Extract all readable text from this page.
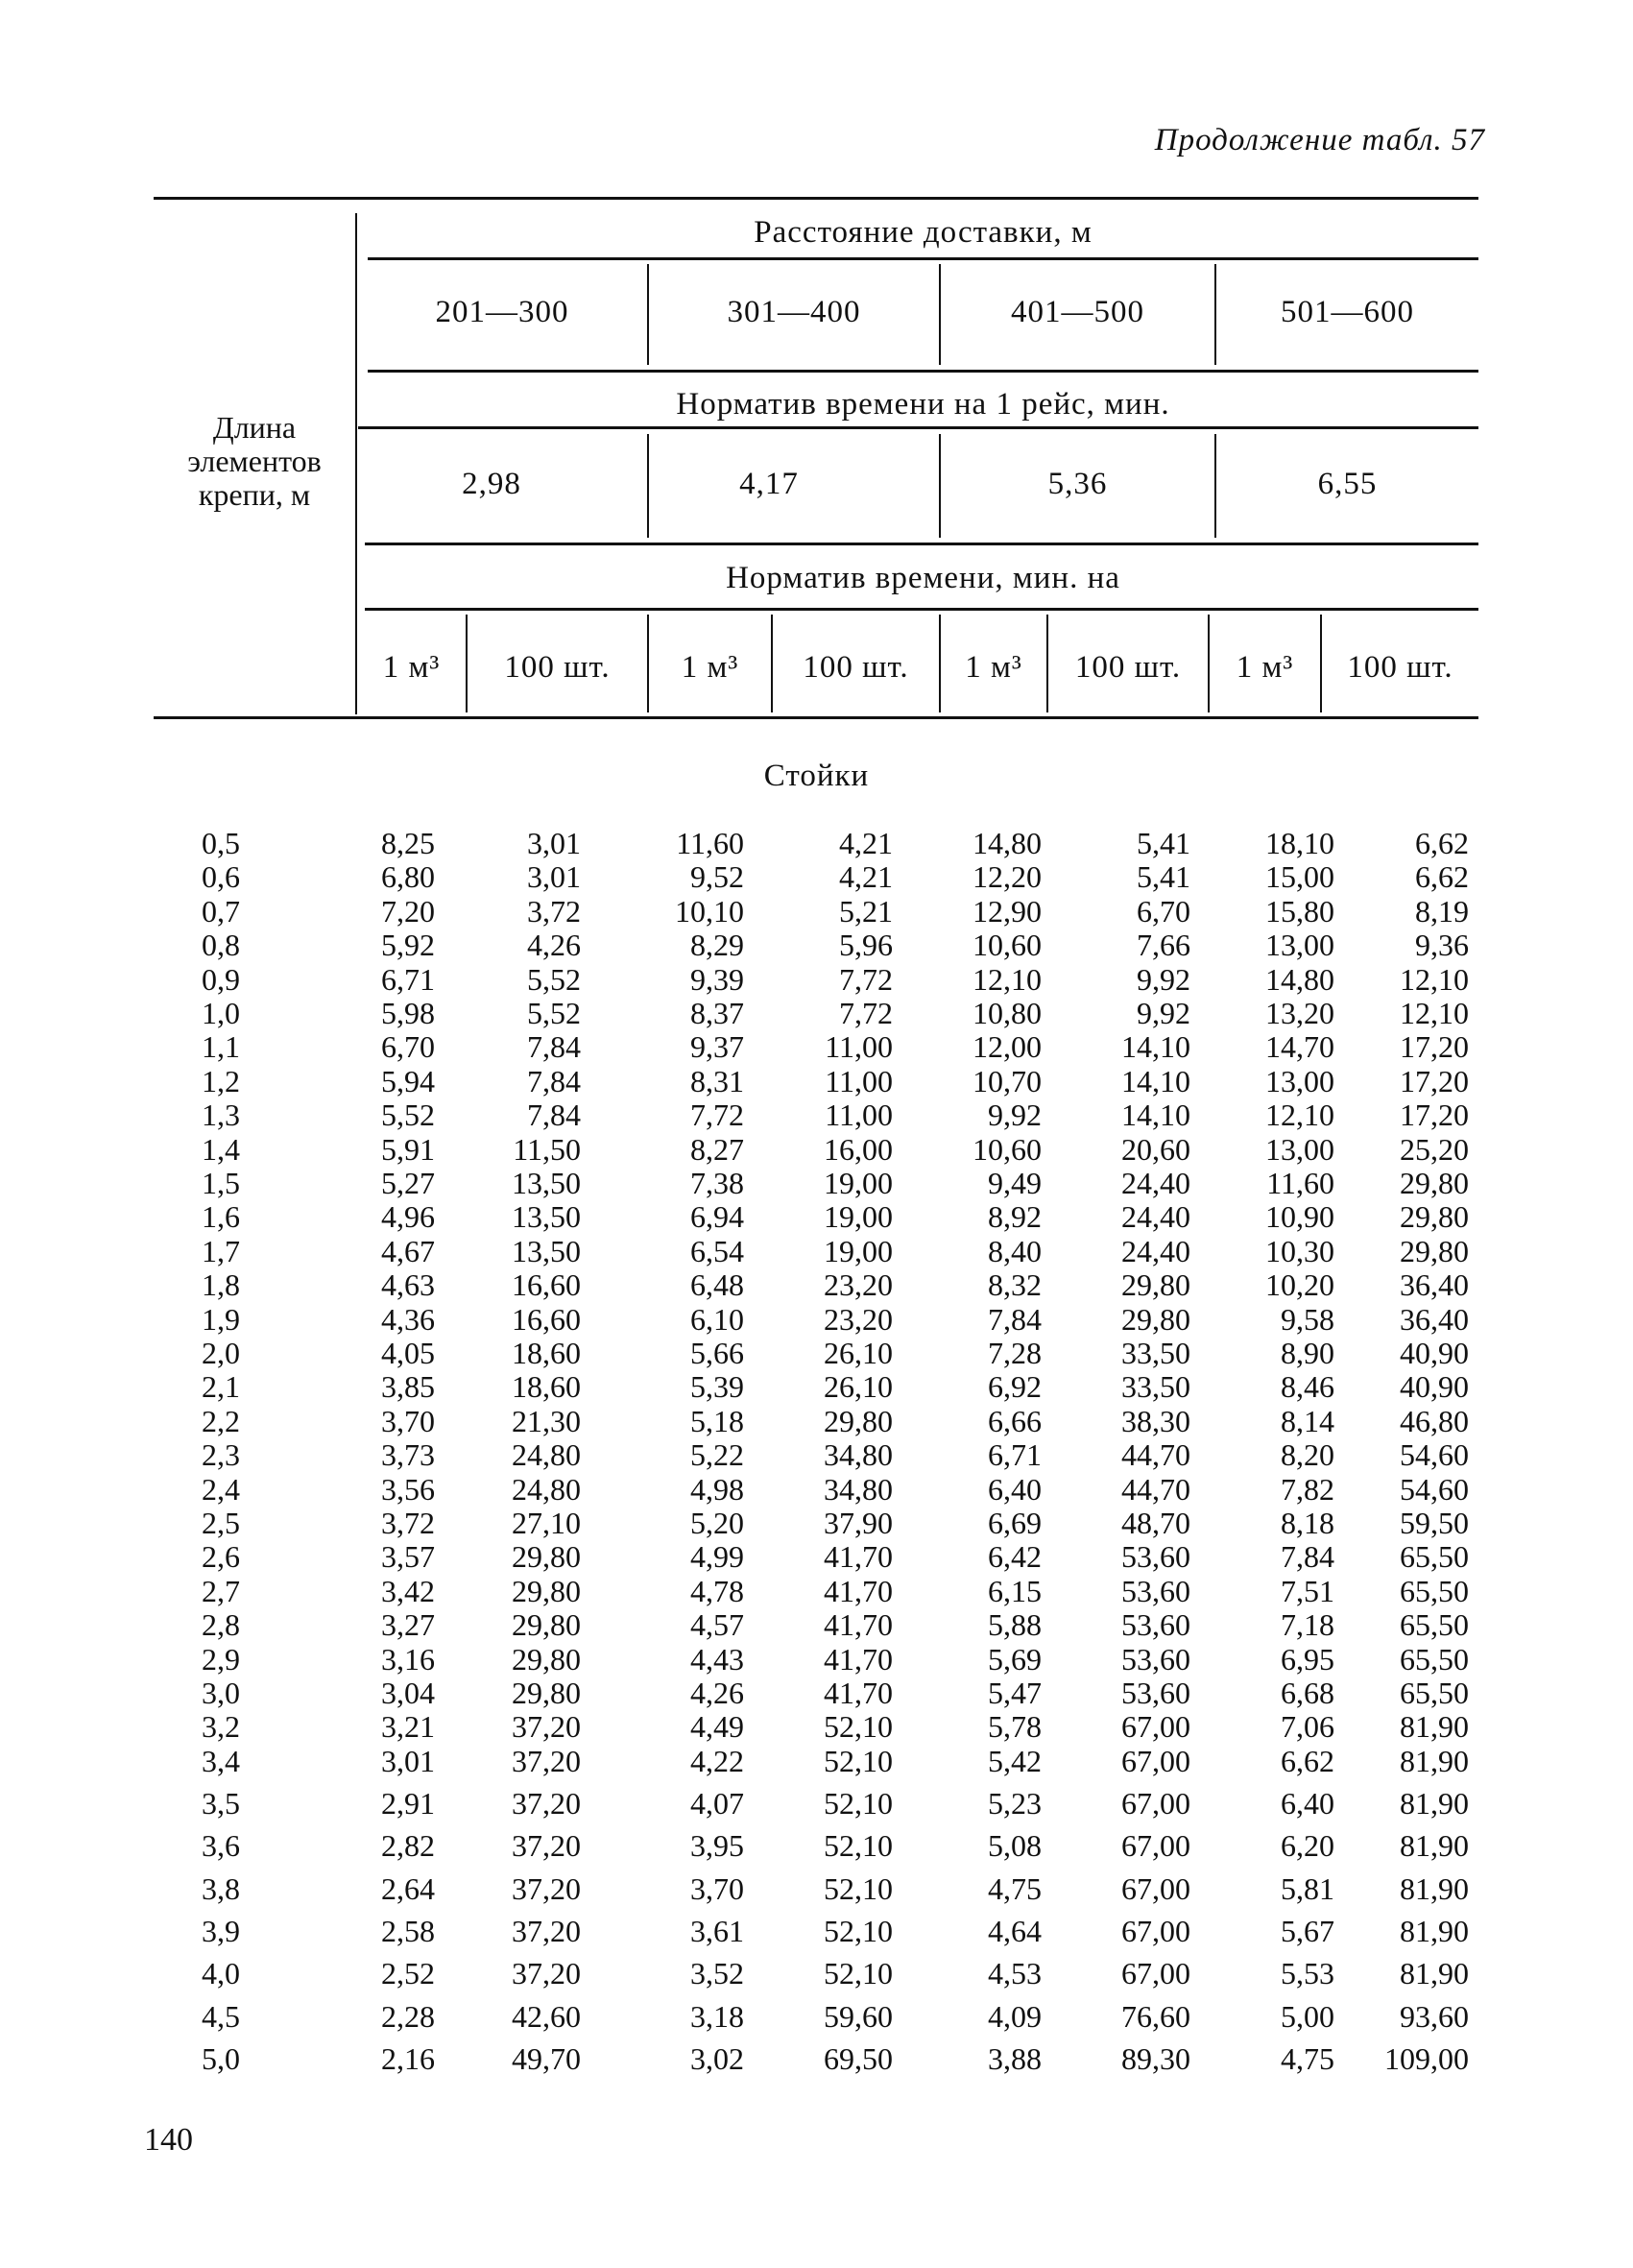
Продолжение табл. 57
Длина
элементов
крепи, м
Расстояние доставки, м
201—300	301—400	401—500	501—600
Норматив времени на 1 рейс, мин.
2,98	4,17	5,36	6,55
Норматив времени, мин. на
1 м³	100 шт.	1 м³	100 шт.	1 м³	100 шт.	1 м³	100 шт.
Стойки
0,5	8,25	3,01	11,60	4,21	14,80	5,41	18,10	6,62
0,6	6,80	3,01	9,52	4,21	12,20	5,41	15,00	6,62
0,7	7,20	3,72	10,10	5,21	12,90	6,70	15,80	8,19
0,8	5,92	4,26	8,29	5,96	10,60	7,66	13,00	9,36
0,9	6,71	5,52	9,39	7,72	12,10	9,92	14,80	12,10
1,0	5,98	5,52	8,37	7,72	10,80	9,92	13,20	12,10
1,1	6,70	7,84	9,37	11,00	12,00	14,10	14,70	17,20
1,2	5,94	7,84	8,31	11,00	10,70	14,10	13,00	17,20
1,3	5,52	7,84	7,72	11,00	9,92	14,10	12,10	17,20
1,4	5,91	11,50	8,27	16,00	10,60	20,60	13,00	25,20
1,5	5,27	13,50	7,38	19,00	9,49	24,40	11,60	29,80
1,6	4,96	13,50	6,94	19,00	8,92	24,40	10,90	29,80
1,7	4,67	13,50	6,54	19,00	8,40	24,40	10,30	29,80
1,8	4,63	16,60	6,48	23,20	8,32	29,80	10,20	36,40
1,9	4,36	16,60	6,10	23,20	7,84	29,80	9,58	36,40
2,0	4,05	18,60	5,66	26,10	7,28	33,50	8,90	40,90
2,1	3,85	18,60	5,39	26,10	6,92	33,50	8,46	40,90
2,2	3,70	21,30	5,18	29,80	6,66	38,30	8,14	46,80
2,3	3,73	24,80	5,22	34,80	6,71	44,70	8,20	54,60
2,4	3,56	24,80	4,98	34,80	6,40	44,70	7,82	54,60
2,5	3,72	27,10	5,20	37,90	6,69	48,70	8,18	59,50
2,6	3,57	29,80	4,99	41,70	6,42	53,60	7,84	65,50
2,7	3,42	29,80	4,78	41,70	6,15	53,60	7,51	65,50
2,8	3,27	29,80	4,57	41,70	5,88	53,60	7,18	65,50
2,9	3,16	29,80	4,43	41,70	5,69	53,60	6,95	65,50
3,0	3,04	29,80	4,26	41,70	5,47	53,60	6,68	65,50
3,2	3,21	37,20	4,49	52,10	5,78	67,00	7,06	81,90
3,4	3,01	37,20	4,22	52,10	5,42	67,00	6,62	81,90
3,5	2,91	37,20	4,07	52,10	5,23	67,00	6,40	81,90
3,6	2,82	37,20	3,95	52,10	5,08	67,00	6,20	81,90
3,8	2,64	37,20	3,70	52,10	4,75	67,00	5,81	81,90
3,9	2,58	37,20	3,61	52,10	4,64	67,00	5,67	81,90
4,0	2,52	37,20	3,52	52,10	4,53	67,00	5,53	81,90
4,5	2,28	42,60	3,18	59,60	4,09	76,60	5,00	93,60
5,0	2,16	49,70	3,02	69,50	3,88	89,30	4,75	109,00
140
